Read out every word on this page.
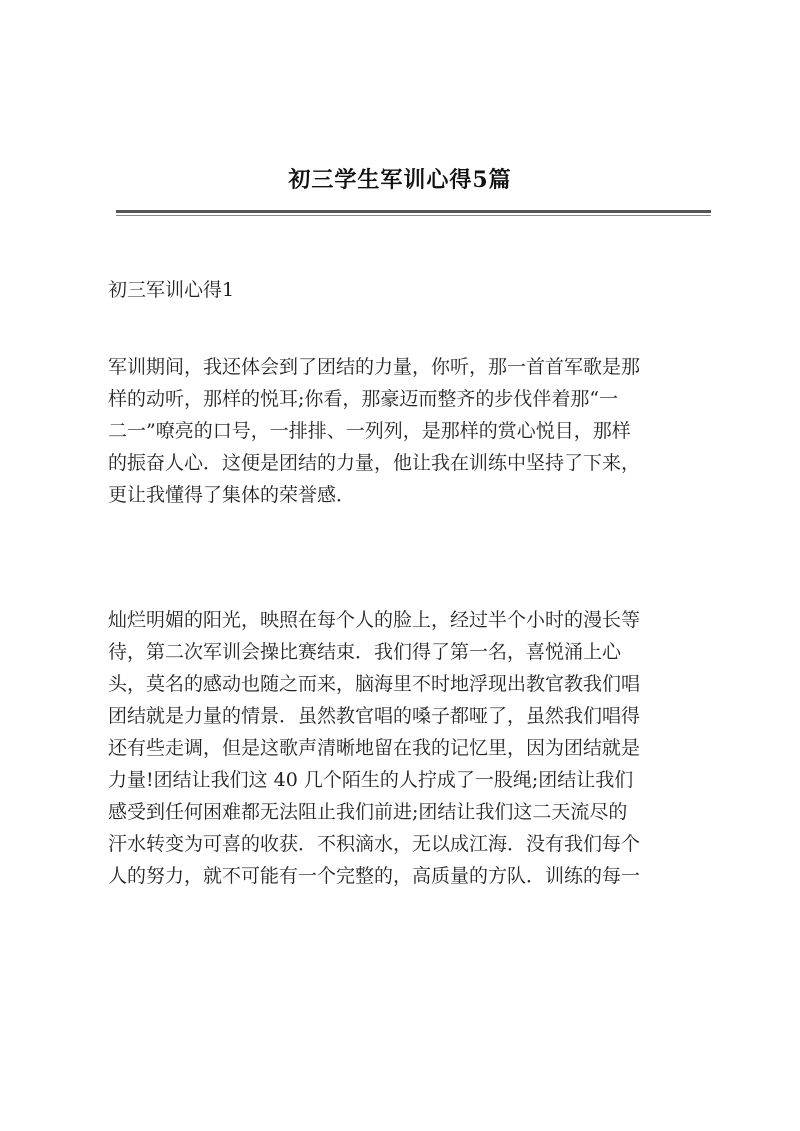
初三学生军训心得5篇
初三军训心得1
军训期间，我还体会到了团结的力量，你听，那一首首军歌是那
样的动听，那样的悦耳;你看，那豪迈而整齐的步伐伴着那“一
二一”嘹亮的口号，一排排、一列列，是那样的赏心悦目，那样
的振奋人心．这便是团结的力量，他让我在训练中坚持了下来，
更让我懂得了集体的荣誉感．
灿烂明媚的阳光，映照在每个人的脸上，经过半个小时的漫长等
待，第二次军训会操比赛结束．我们得了第一名，喜悦涌上心
头，莫名的感动也随之而来，脑海里不时地浮现出教官教我们唱
团结就是力量的情景．虽然教官唱的嗓子都哑了，虽然我们唱得
还有些走调，但是这歌声清晰地留在我的记忆里，因为团结就是
力量!团结让我们这 40 几个陌生的人拧成了一股绳;团结让我们
感受到任何困难都无法阻止我们前进;团结让我们这二天流尽的
汗水转变为可喜的收获．不积滴水，无以成江海．没有我们每个
人的努力，就不可能有一个完整的，高质量的方队．训练的每一
